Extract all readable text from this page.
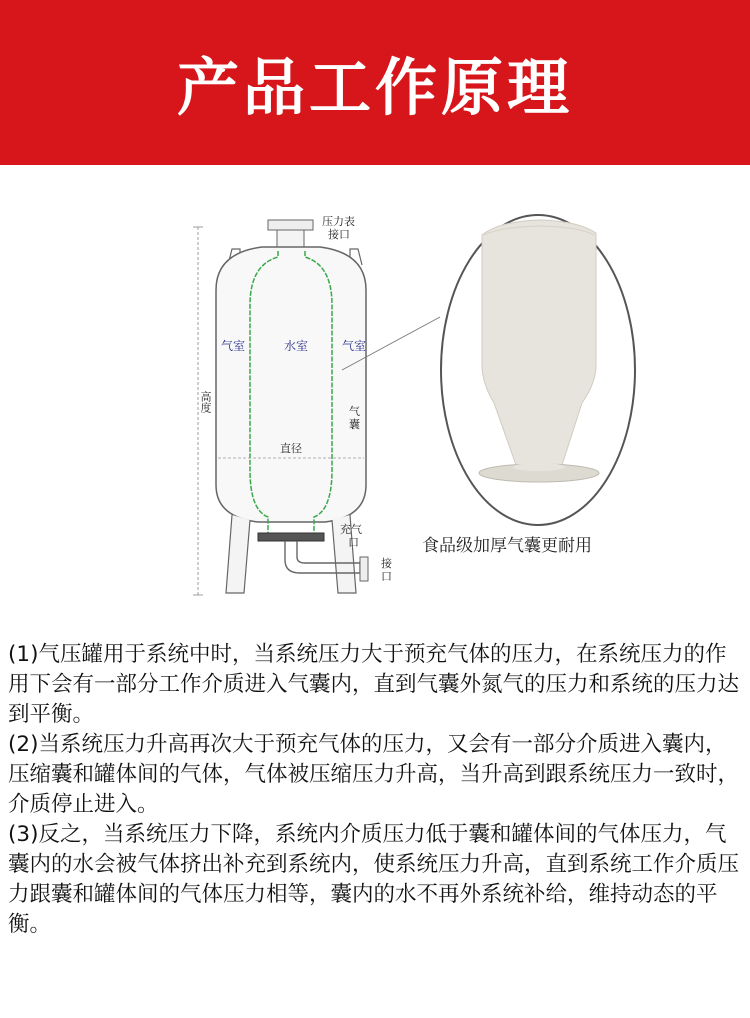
产品工作原理
压力表
接口
气室	水室	气室
气
囊
高度
直径
充气
口
接
口
食品级加厚气囊更耐用

(1)气压罐用于系统中时，当系统压力大于预充气体的压力，在系统压力的作用下会有一部分工作介质进入气囊内，直到气囊外氮气的压力和系统的压力达到平衡。

(2)当系统压力升高再次大于预充气体的压力，又会有一部分介质进入囊内，压缩囊和罐体间的气体，气体被压缩压力升高，当升高到跟系统压力一致时，介质停止进入。

(3)反之，当系统压力下降，系统内介质压力低于囊和罐体间的气体压力，气囊内的水会被气体挤出补充到系统内，使系统压力升高，直到系统工作介质压力跟囊和罐体间的气体压力相等，囊内的水不再外系统补给，维持动态的平衡。
